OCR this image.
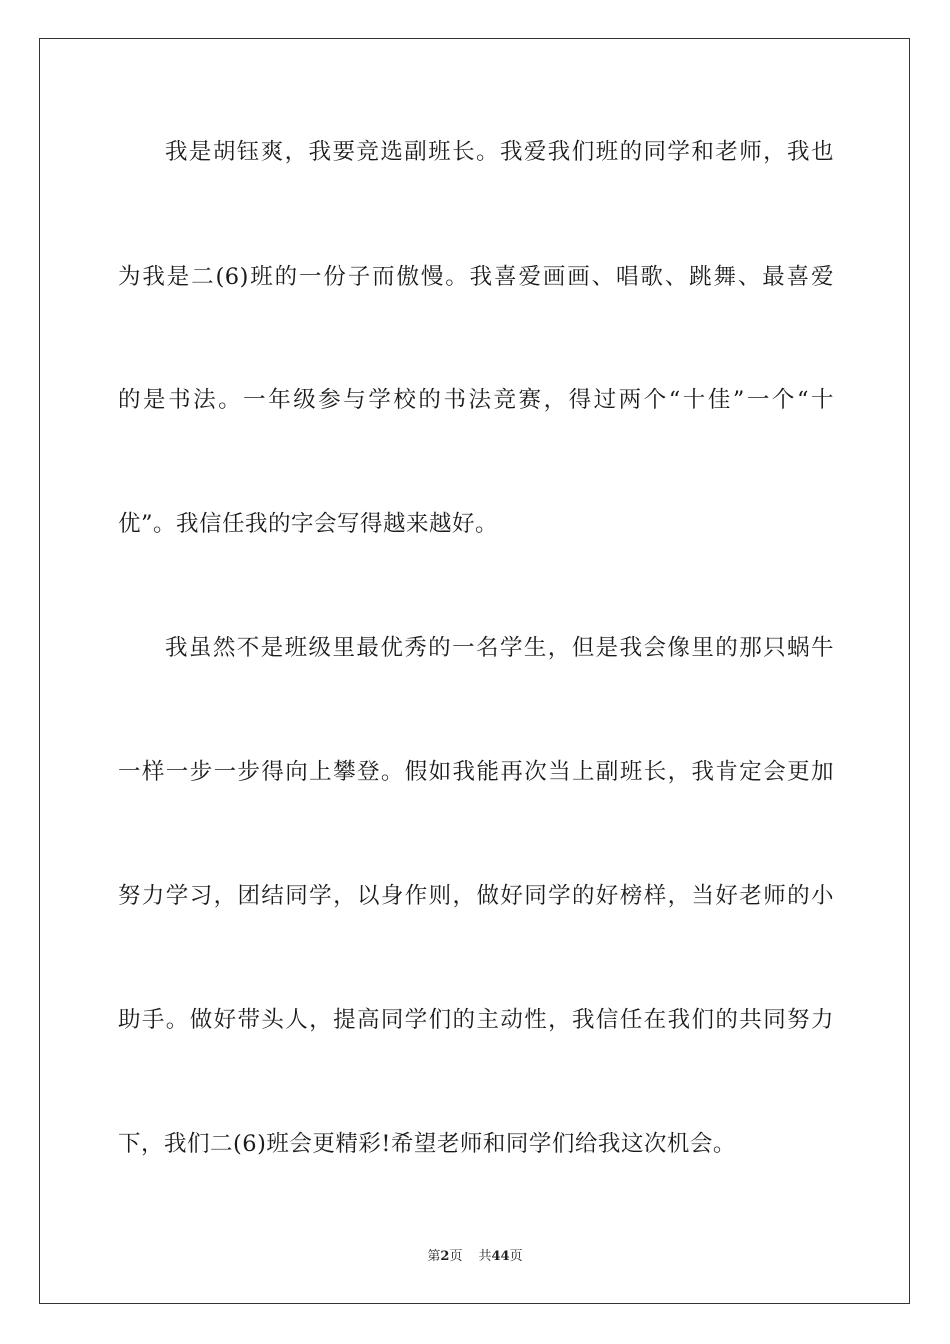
我是胡钰爽，我要竞选副班长。我爱我们班的同学和老师，我也
为我是二(6)班的一份子而傲慢。我喜爱画画、唱歌、跳舞、最喜爱
的是书法。一年级参与学校的书法竞赛，得过两个“十佳”一个“十
优”。我信任我的字会写得越来越好。
我虽然不是班级里最优秀的一名学生，但是我会像里的那只蜗牛
一样一步一步得向上攀登。假如我能再次当上副班长，我肯定会更加
努力学习，团结同学，以身作则，做好同学的好榜样，当好老师的小
助手。做好带头人，提高同学们的主动性，我信任在我们的共同努力
下，我们二(6)班会更精彩!希望老师和同学们给我这次机会。
第2页 共44页
